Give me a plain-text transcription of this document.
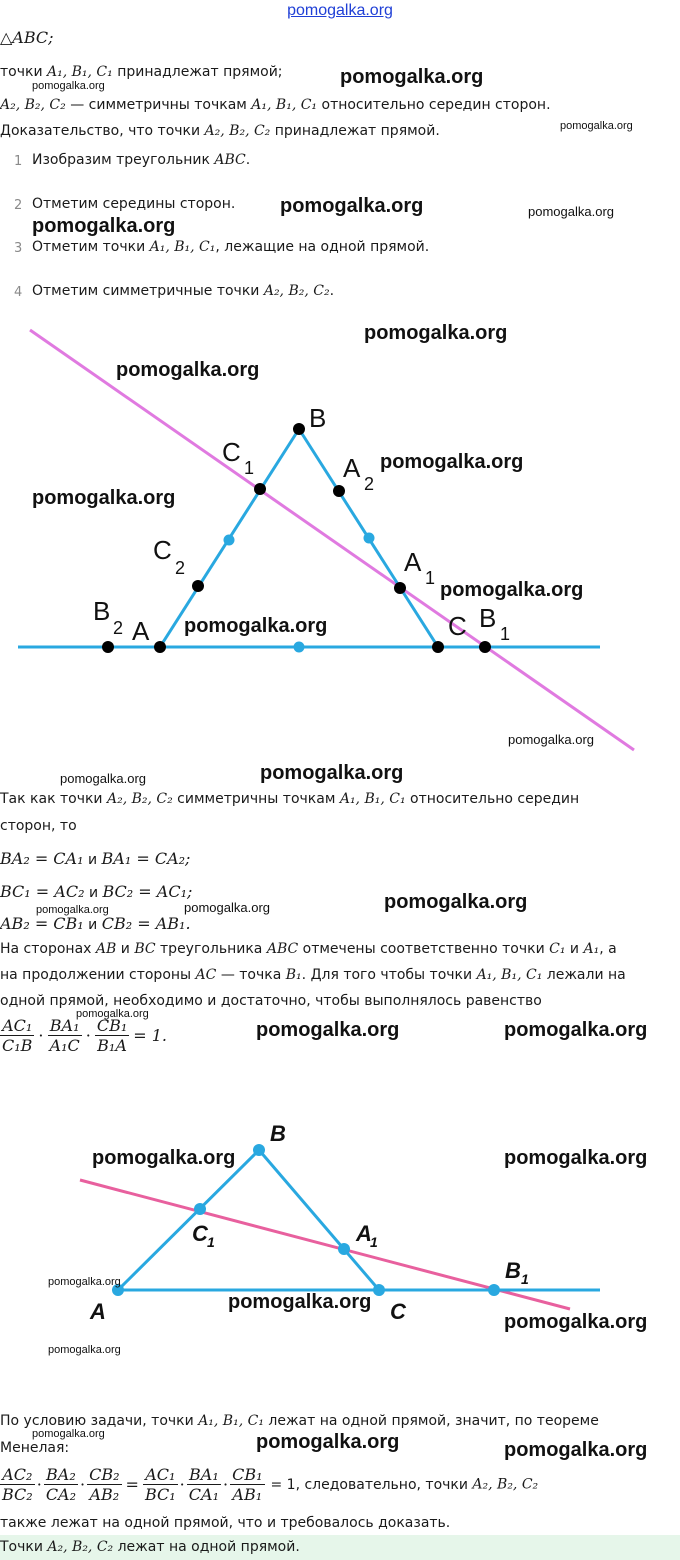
pomogalka.org
△ABC;
точки A₁, B₁, C₁ принадлежат прямой;
A₂, B₂, C₂ — симметричны точкам A₁, B₁, C₁ относительно середин сторон.
Доказательство, что точки A₂, B₂, C₂ принадлежат прямой.
1 Изобразим треугольник ABC.
2 Отметим середины сторон.
3 Отметим точки A₁, B₁, C₁, лежащие на одной прямой.
4 Отметим симметричные точки A₂, B₂, C₂.
B
C
1	A
2
C
2	A
1
B
2 A	C B
1
Так как точки A₂, B₂, C₂ симметричны точкам A₁, B₁, C₁ относительно середин
сторон, то
BA₂ = CA₁ и BA₁ = CA₂;
BC₁ = AC₂ и BC₂ = AC₁;
AB₂ = CB₁ и CB₂ = AB₁.
На сторонах AB и BC треугольника ABC отмечены соответственно точки C₁ и A₁, а
на продолжении стороны AC — точка B₁. Для того чтобы точки A₁, B₁, C₁ лежали на
одной прямой, необходимо и достаточно, чтобы выполнялось равенство
$\frac{\text{AC₁}}{\text{C₁B}} \cdot \frac{\text{BA₁}}{\text{A₁C}} \cdot \frac{\text{CB₁}}{\text{B₁A}} = 1$.
B
C 1	A
1
A	C
B 1
По условию задачи, точки A₁, B₁, C₁ лежат на одной прямой, значит, по теореме
Менелая:
$\frac{\text{AC₂}}{\text{BC₂}} \cdot \frac{\text{BA₂}}{\text{CA₂}} \cdot \frac{\text{CB₂}}{\text{AB₂}} = \frac{\text{AC₁}}{\text{BC₁}} \cdot \frac{\text{BA₁}}{\text{CA₁}} \cdot \frac{\text{CB₁}}{\text{AB₁}} = 1$, следовательно, точки A₂, B₂, C₂
также лежат на одной прямой, что и требовалось доказать.
Точки A₂, B₂, C₂ лежат на одной прямой.
pomogalka.org
pomogalka.org
pomogalka.org
pomogalka.org	pomogalka.org
pomogalka.org
pomogalka.org
pomogalka.org
pomogalka.org
pomogalka.org
pomogalka.org
pomogalka.org
pomogalka.org
pomogalka.org
pomogalka.org
pomogalka.org
pomogalka.org
pomogalka.org
pomogalka.org
pomogalka.org	pomogalka.org
pomogalka.org	pomogalka.org
pomogalka.org
pomogalka.org
pomogalka.org
pomogalka.org
pomogalka.org
pomogalka.org
pomogalka.org
